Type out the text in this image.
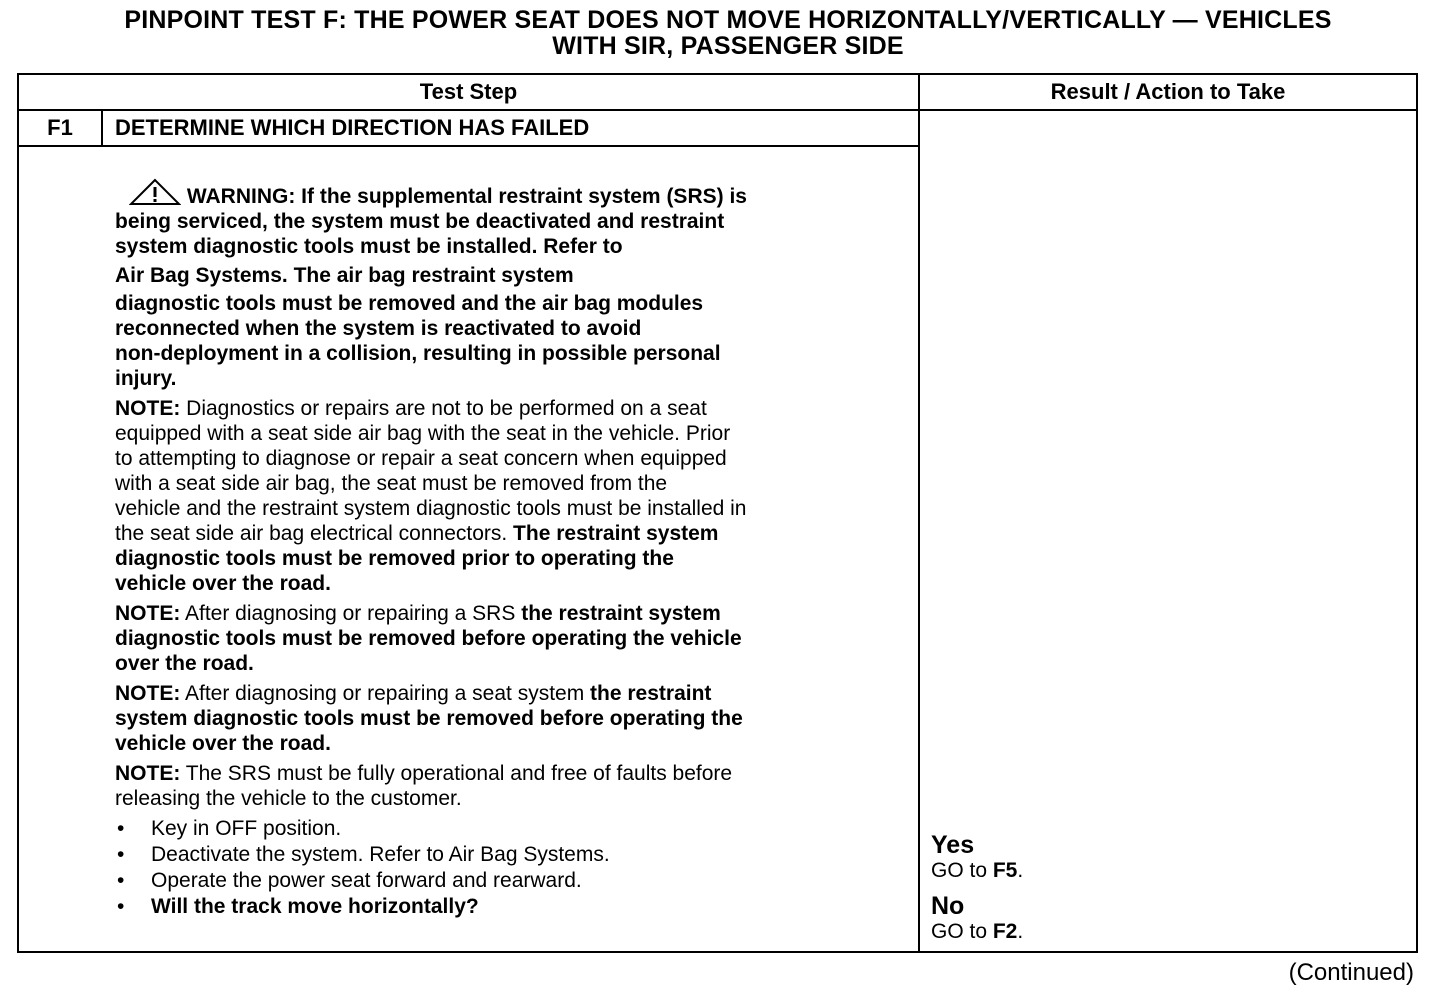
PINPOINT TEST F: THE POWER SEAT DOES NOT MOVE HORIZONTALLY/VERTICALLY — VEHICLES
WITH SIR, PASSENGER SIDE
Test Step	Result / Action to Take
F1	DETERMINE WHICH DIRECTION HAS FAILED
WARNING: If the supplemental restraint system (SRS) is
being serviced, the system must be deactivated and restraint
system diagnostic tools must be installed. Refer to
Air Bag Systems. The air bag restraint system
diagnostic tools must be removed and the air bag modules
reconnected when the system is reactivated to avoid
non-deployment in a collision, resulting in possible personal
injury.
NOTE: Diagnostics or repairs are not to be performed on a seat
equipped with a seat side air bag with the seat in the vehicle. Prior
to attempting to diagnose or repair a seat concern when equipped
with a seat side air bag, the seat must be removed from the
vehicle and the restraint system diagnostic tools must be installed in
the seat side air bag electrical connectors. The restraint system
diagnostic tools must be removed prior to operating the
vehicle over the road.
NOTE: After diagnosing or repairing a SRS the restraint system
diagnostic tools must be removed before operating the vehicle
over the road.
NOTE: After diagnosing or repairing a seat system the restraint
system diagnostic tools must be removed before operating the
vehicle over the road.
NOTE: The SRS must be fully operational and free of faults before
releasing the vehicle to the customer.
• Key in OFF position.
• Deactivate the system. Refer to Air Bag Systems.
• Operate the power seat forward and rearward.
• Will the track move horizontally?
Yes
GO to F5.
No
GO to F2.
(Continued)
